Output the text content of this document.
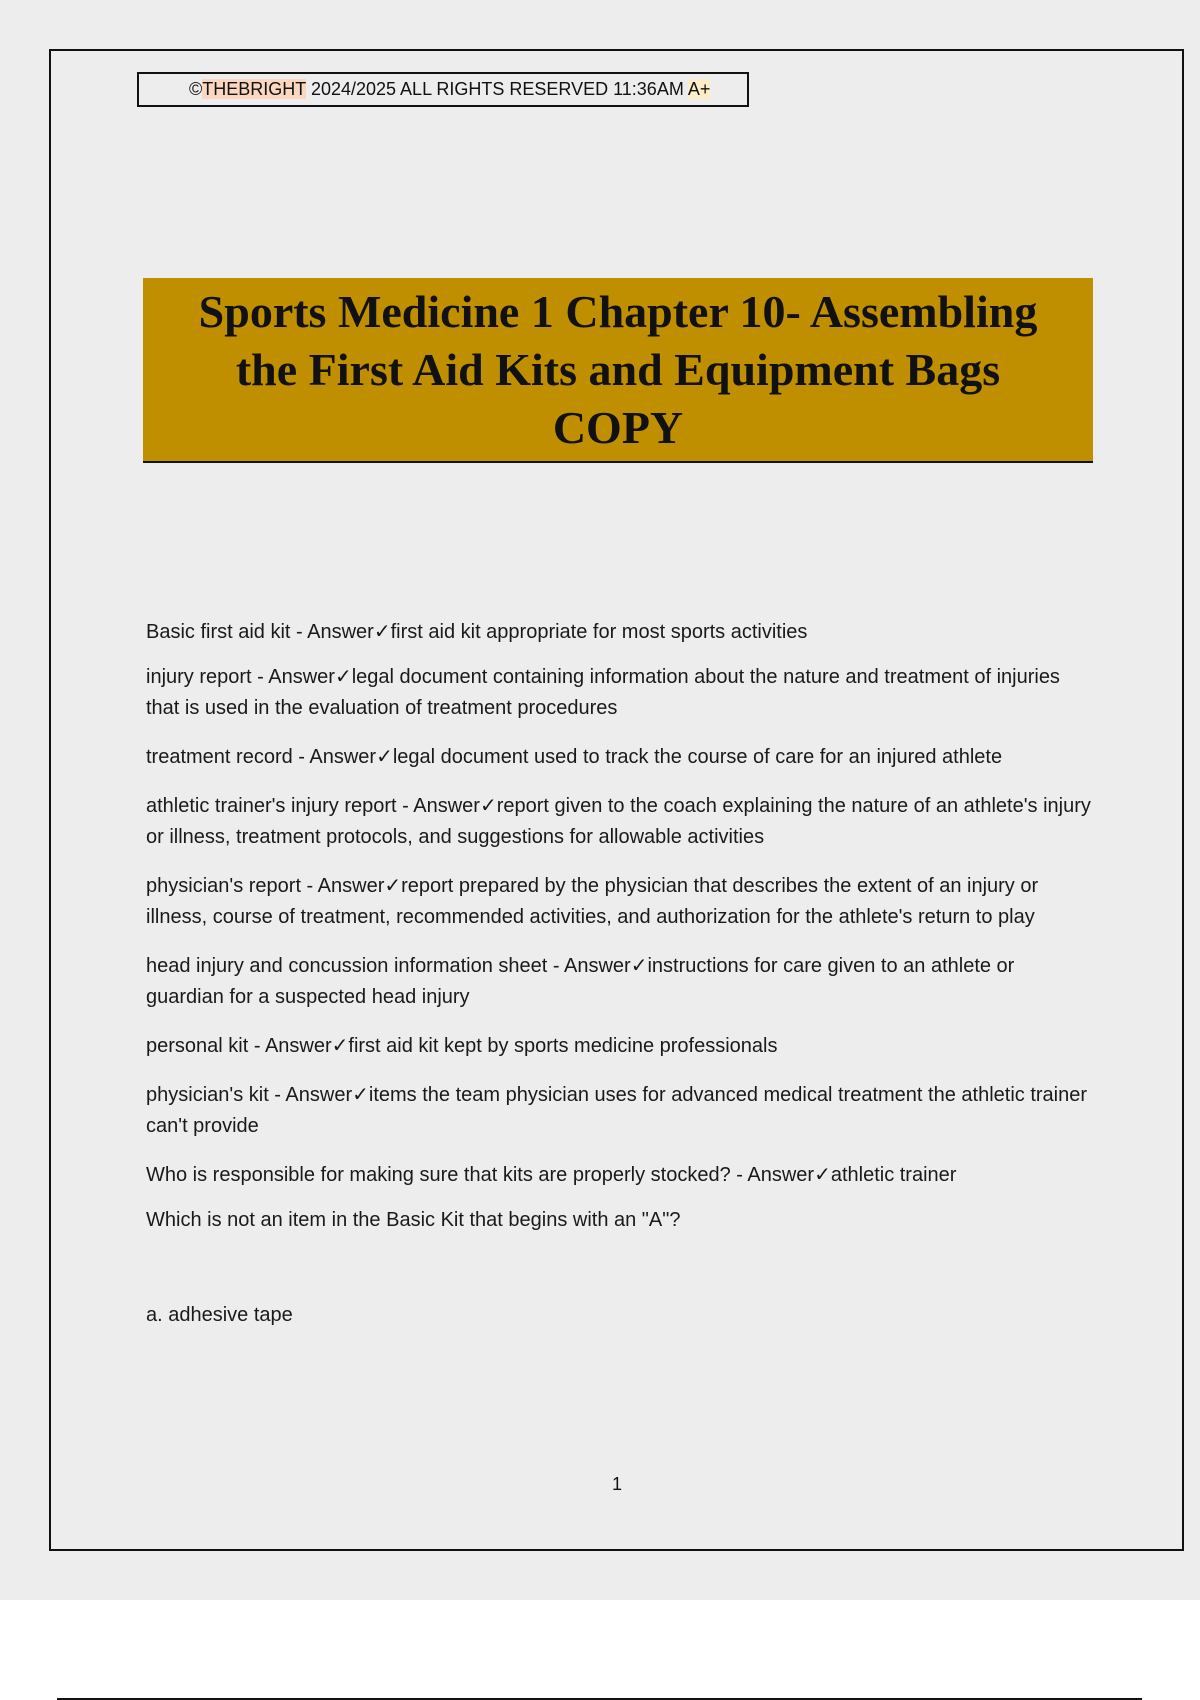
©THEBRIGHT 2024/2025 ALL RIGHTS RESERVED 11:36AM A+
Sports Medicine 1 Chapter 10- Assembling
the First Aid Kits and Equipment Bags
COPY

Basic first aid kit - Answer✓first aid kit appropriate for most sports activities

injury report - Answer✓legal document containing information about the nature and treatment of injuries that is used in the evaluation of treatment procedures

treatment record - Answer✓legal document used to track the course of care for an injured athlete

athletic trainer's injury report - Answer✓report given to the coach explaining the nature of an athlete's injury or illness, treatment protocols, and suggestions for allowable activities

physician's report - Answer✓report prepared by the physician that describes the extent of an injury or illness, course of treatment, recommended activities, and authorization for the athlete's return to play

head injury and concussion information sheet - Answer✓instructions for care given to an athlete or guardian for a suspected head injury

personal kit - Answer✓first aid kit kept by sports medicine professionals

physician's kit - Answer✓items the team physician uses for advanced medical treatment the athletic trainer can't provide

Who is responsible for making sure that kits are properly stocked? - Answer✓athletic trainer

Which is not an item in the Basic Kit that begins with an "A"?

a. adhesive tape

1
